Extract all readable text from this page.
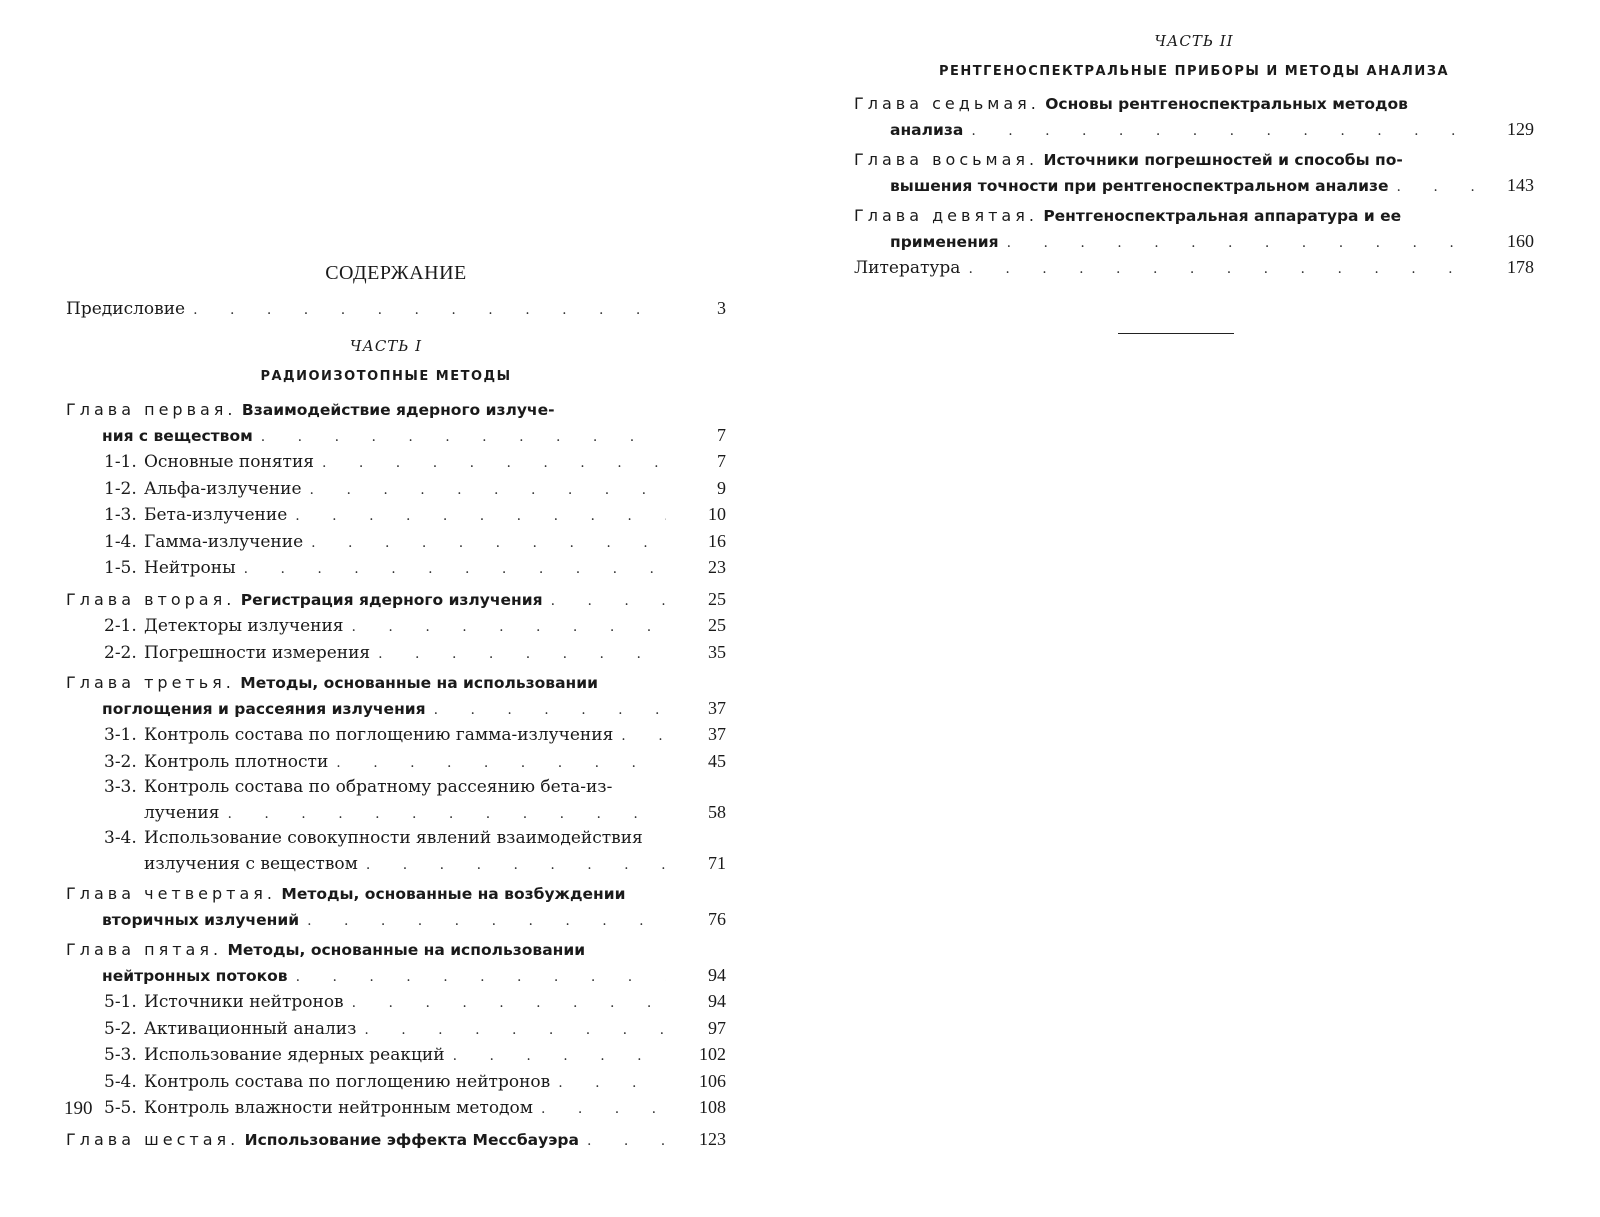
СОДЕРЖАНИЕ
Предисловие . . .	3
ЧАСТЬ I
РАДИОИЗОТОПНЫЕ МЕТОДЫ
Глава первая. Взаимодействие ядерного излуче-
ния с веществом . . .	7
1-1. Основные понятия . . .	7
1-2. Альфа-излучение . . .	9
1-3. Бета-излучение . . .	10
1-4. Гамма-излучение . . .	16
1-5. Нейтроны . . .	23
Глава вторая. Регистрация ядерного излучения . . .	25
2-1. Детекторы излучения . . .	25
2-2. Погрешности измерения . . .	35
Глава третья. Методы, основанные на использовании
поглощения и рассеяния излучения . . .	37
3-1. Контроль состава по поглощению гамма-излучения . . .	37
3-2. Контроль плотности . . .	45
3-3. Контроль состава по обратному рассеянию бета-из-
лучения . . .	58
3-4. Использование совокупности явлений взаимодействия
излучения с веществом . . .	71
Глава четвертая. Методы, основанные на возбуждении
вторичных излучений . . .	76
Глава пятая. Методы, основанные на использовании
нейтронных потоков . . .	94
5-1. Источники нейтронов . . .	94
5-2. Активационный анализ . . .	97
5-3. Использование ядерных реакций . . .	102
5-4. Контроль состава по поглощению нейтронов . . .	106
5-5. Контроль влажности нейтронным методом . . .	108
Глава шестая. Использование эффекта Мессбауэра . . .	123
190
ЧАСТЬ II
РЕНТГЕНОСПЕКТРАЛЬНЫЕ ПРИБОРЫ И МЕТОДЫ АНАЛИЗА
Глава седьмая. Основы рентгеноспектральных методов
анализа . . .	129
Глава восьмая. Источники погрешностей и способы по-
вышения точности при рентгеноспектральном анализе . . .	143
Глава девятая. Рентгеноспектральная аппаратура и ее
применения . . .	160
Литература . . .	178
